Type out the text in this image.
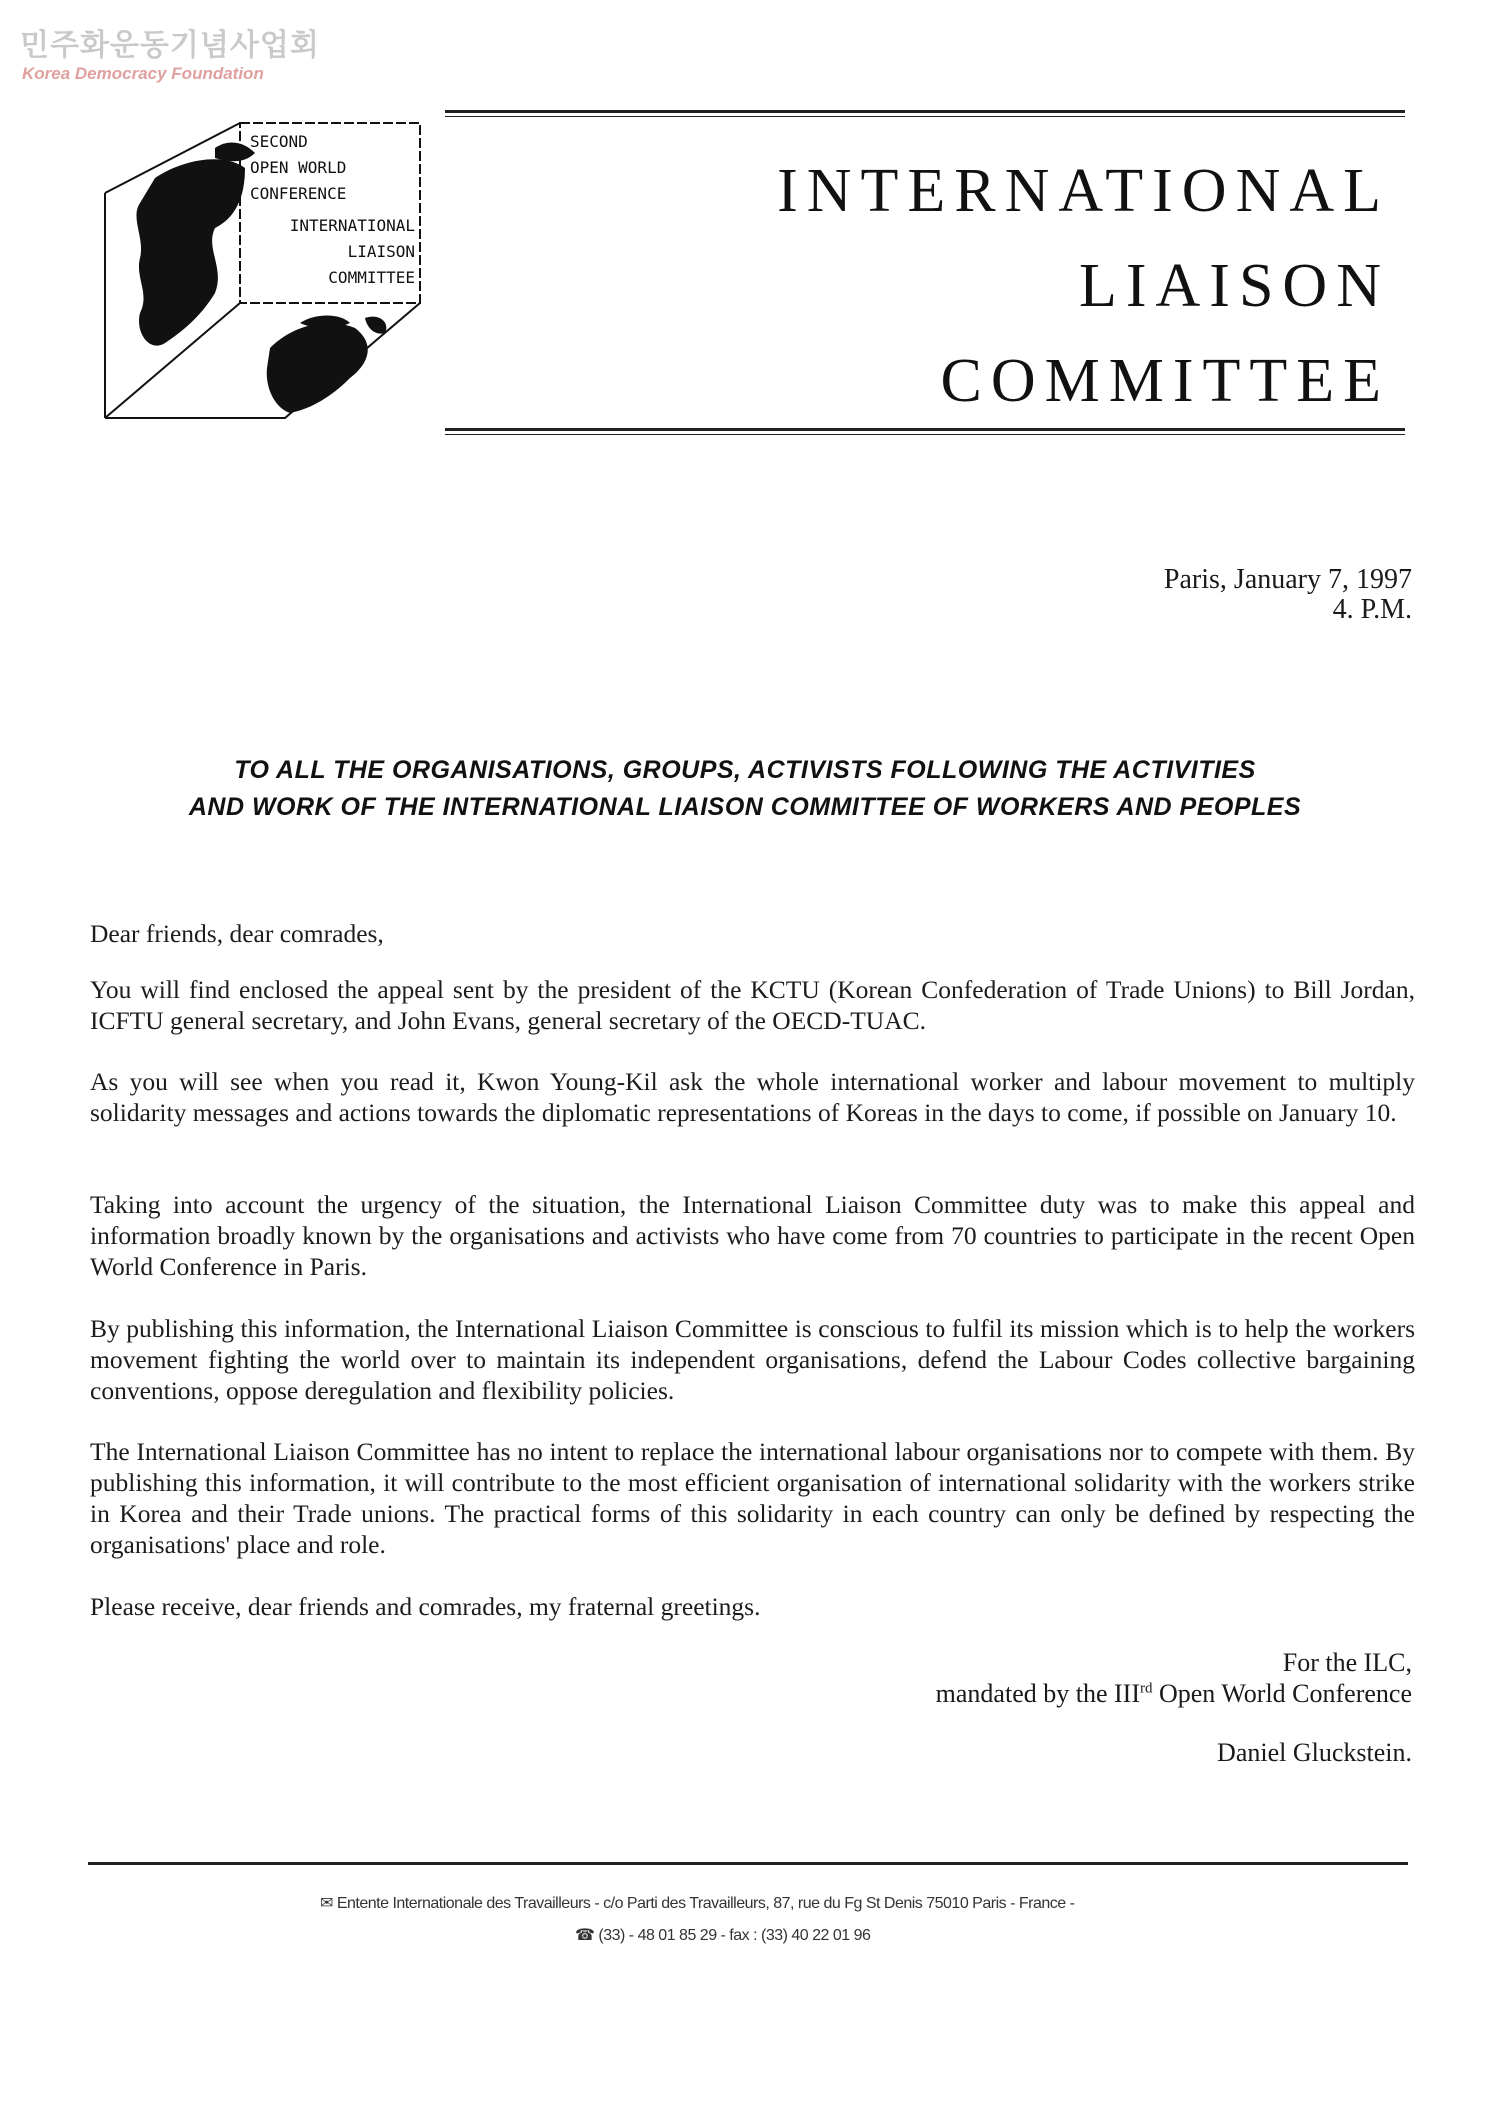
민주화운동기념사업회
Korea Democracy Foundation
SECOND
OPEN WORLD
CONFERENCE
INTERNATIONAL
LIAISON
COMMITTEE
INTERNATIONAL
LIAISON
COMMITTEE
Paris, January 7, 1997
4. P.M.
TO ALL THE ORGANISATIONS, GROUPS, ACTIVISTS FOLLOWING THE ACTIVITIES
AND WORK OF THE INTERNATIONAL LIAISON COMMITTEE OF WORKERS AND PEOPLES
Dear friends, dear comrades,
You will find enclosed the appeal sent by the president of the KCTU (Korean Confederation of Trade Unions) to Bill Jordan, ICFTU general secretary, and John Evans, general secretary of the OECD-TUAC.
As you will see when you read it, Kwon Young-Kil ask the whole international worker and labour movement to multiply solidarity messages and actions towards the diplomatic representations of Koreas in the days to come, if possible on January 10.
Taking into account the urgency of the situation, the International Liaison Committee duty was to make this appeal and information broadly known by the organisations and activists who have come from 70 countries to participate in the recent Open World Conference in Paris.
By publishing this information, the International Liaison Committee is conscious to fulfil its mission which is to help the workers movement fighting the world over to maintain its independent organisations, defend the Labour Codes collective bargaining conventions, oppose deregulation and flexibility policies.
The International Liaison Committee has no intent to replace the international labour organisations nor to compete with them. By publishing this information, it will contribute to the most efficient organisation of international solidarity with the workers strike in Korea and their Trade unions. The practical forms of this solidarity in each country can only be defined by respecting the organisations' place and role.
Please receive, dear friends and comrades, my fraternal greetings.
For the ILC,
mandated by the IIIrd Open World Conference
Daniel Gluckstein.
✉ Entente Internationale des Travailleurs - c/o Parti des Travailleurs, 87, rue du Fg St Denis 75010 Paris - France -
☎ (33) - 48 01 85 29 - fax : (33) 40 22 01 96
